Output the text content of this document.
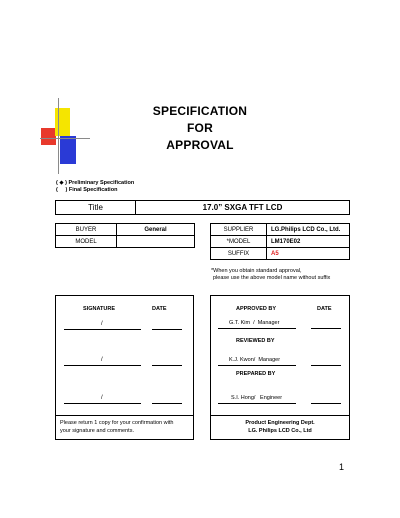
SPECIFICATION
FOR
APPROVAL
( ◆ ) Preliminary Specification
(     ) Final Specification
Title	17.0” SXGA TFT LCD
BUYER	General
MODEL
SUPPLIER	LG.Philips LCD Co., Ltd.
*MODEL	LM170E02
SUFFIX	A5
*When you obtain standard approval,
please use the above model name without suffix
SIGNATURE	DATE
/
/
/
Please return 1 copy for your confirmation with
your signature and comments.
APPROVED BY	DATE
G.T. Kim  /  Manager
REVIEWED BY
K.J. Kwon/  Manager
PREPARED BY
S.I. Hong/   Engineer
Product Engineering Dept.
LG. Philips LCD Co., Ltd
1
